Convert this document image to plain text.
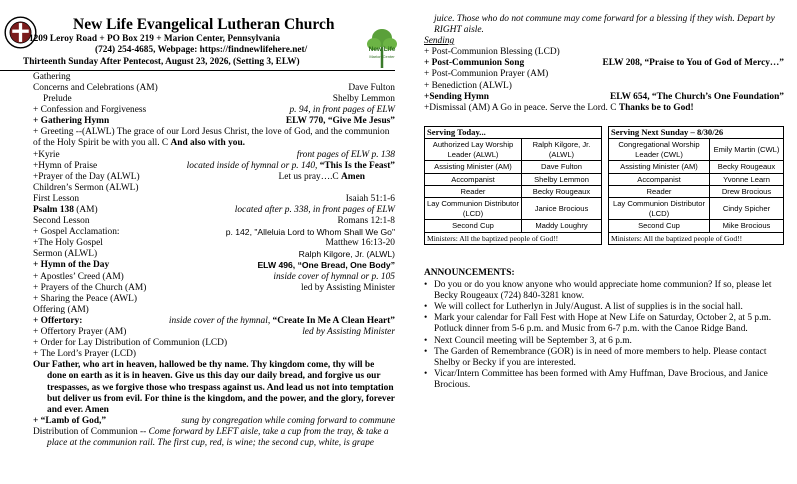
New Life
Marion Center
New Life Evangelical Lutheran Church
1209 Leroy Road + PO Box 219 + Marion Center, Pennsylvania
(724) 254-4685, Webpage: https://findnewlifehere.net/
Thirteenth Sunday After Pentecost, August 23, 2026, (Setting 3, ELW)
Gathering
Concerns and Celebrations (AM)	Dave Fulton
Prelude	Shelby Lemmon
+ Confession and Forgiveness	p. 94, in front pages of ELW
+ Gathering Hymn	ELW 770, “Give Me Jesus”
+ Greeting --(ALWL) The grace of our Lord Jesus Christ, the love of God, and the communion of the Holy Spirit be with you all. C And also with you.
+Kyrie	front pages of ELW p. 138
+Hymn of Praise	located inside of hymnal or p. 140, “This Is the Feast”
+Prayer of the Day (ALWL)	Let us pray….C Amen
Children’s Sermon (ALWL)
First Lesson	Isaiah 51:1-6
Psalm 138 (AM)	located after p. 338, in front pages of ELW
Second Lesson	Romans 12:1-8
+ Gospel Acclamation:	p. 142, "Alleluia Lord to Whom Shall We Go"
+The Holy Gospel	Matthew 16:13-20
Sermon (ALWL)	Ralph Kilgore, Jr. (ALWL)
+ Hymn of the Day	ELW 496, “One Bread, One Body”
+ Apostles’ Creed (AM)	inside cover of hymnal or p. 105
+ Prayers of the Church (AM)	led by Assisting Minister
+ Sharing the Peace (AWL)
Offering (AM)
+ Offertory:	inside cover of the hymnal, “Create In Me A Clean Heart”
+ Offertory Prayer (AM)	led by Assisting Minister
+ Order for Lay Distribution of Communion (LCD)
+ The Lord’s Prayer (LCD)
Our Father, who art in heaven, hallowed be thy name. Thy kingdom come, thy will be done on earth as it is in heaven. Give us this day our daily bread, and forgive us our trespasses, as we forgive those who trespass against us. And lead us not into temptation but deliver us from evil. For thine is the kingdom, and the power, and the glory, forever and ever. Amen
+ “Lamb of God,”	sung by congregation while coming forward to commune
Distribution of Communion -- Come forward by LEFT aisle, take a cup from the tray, & take a place at the communion rail. The first cup, red, is wine; the second cup, white, is grape
juice. Those who do not commune may come forward for a blessing if they wish. Depart by RIGHT aisle.
Sending
+ Post-Communion Blessing (LCD)
+ Post-Communion Song	ELW 208, “Praise to You of God of Mercy…”
+ Post-Communion Prayer (AM)
+ Benediction (ALWL)
+Sending Hymn	ELW 654, “The Church’s One Foundation”
+Dismissal (AM) A Go in peace. Serve the Lord. C Thanks be to God!
Serving Today...	
Authorized Lay Worship Leader (ALWL)	Ralph Kilgore, Jr. (ALWL)
Assisting Minister (AM)	Dave Fulton
Accompanist	Shelby Lemmon
Reader	Becky Rougeaux
Lay Communion Distributor (LCD)	Janice Brocious
Second Cup	Maddy Loughry
Ministers: All the baptized people of God!!	
Serving Next Sunday – 8/30/26	
Congregational Worship Leader (CWL)	Emily Martin (CWL)
Assisting Minister (AM)	Becky Rougeaux
Accompanist	Yvonne Learn
Reader	Drew Brocious
Lay Communion Distributor (LCD)	Cindy Spicher
Second Cup	Mike Brocious
Ministers: All the baptized people of God!!	
ANNOUNCEMENTS:
• Do you or do you know anyone who would appreciate home communion? If so, please let Becky Rougeaux (724) 840-3281 know.
• We will collect for Lutherlyn in July/August. A list of supplies is in the social hall.
• Mark your calendar for Fall Fest with Hope at New Life on Saturday, October 2, at 5 p.m. Potluck dinner from 5-6 p.m. and Music from 6-7 p.m. with the Canoe Ridge Band.
• Next Council meeting will be September 3, at 6 p.m.
• The Garden of Remembrance (GOR) is in need of more members to help. Please contact Shelby or Becky if you are interested.
• Vicar/Intern Committee has been formed with Amy Huffman, Dave Brocious, and Janice Brocious.
